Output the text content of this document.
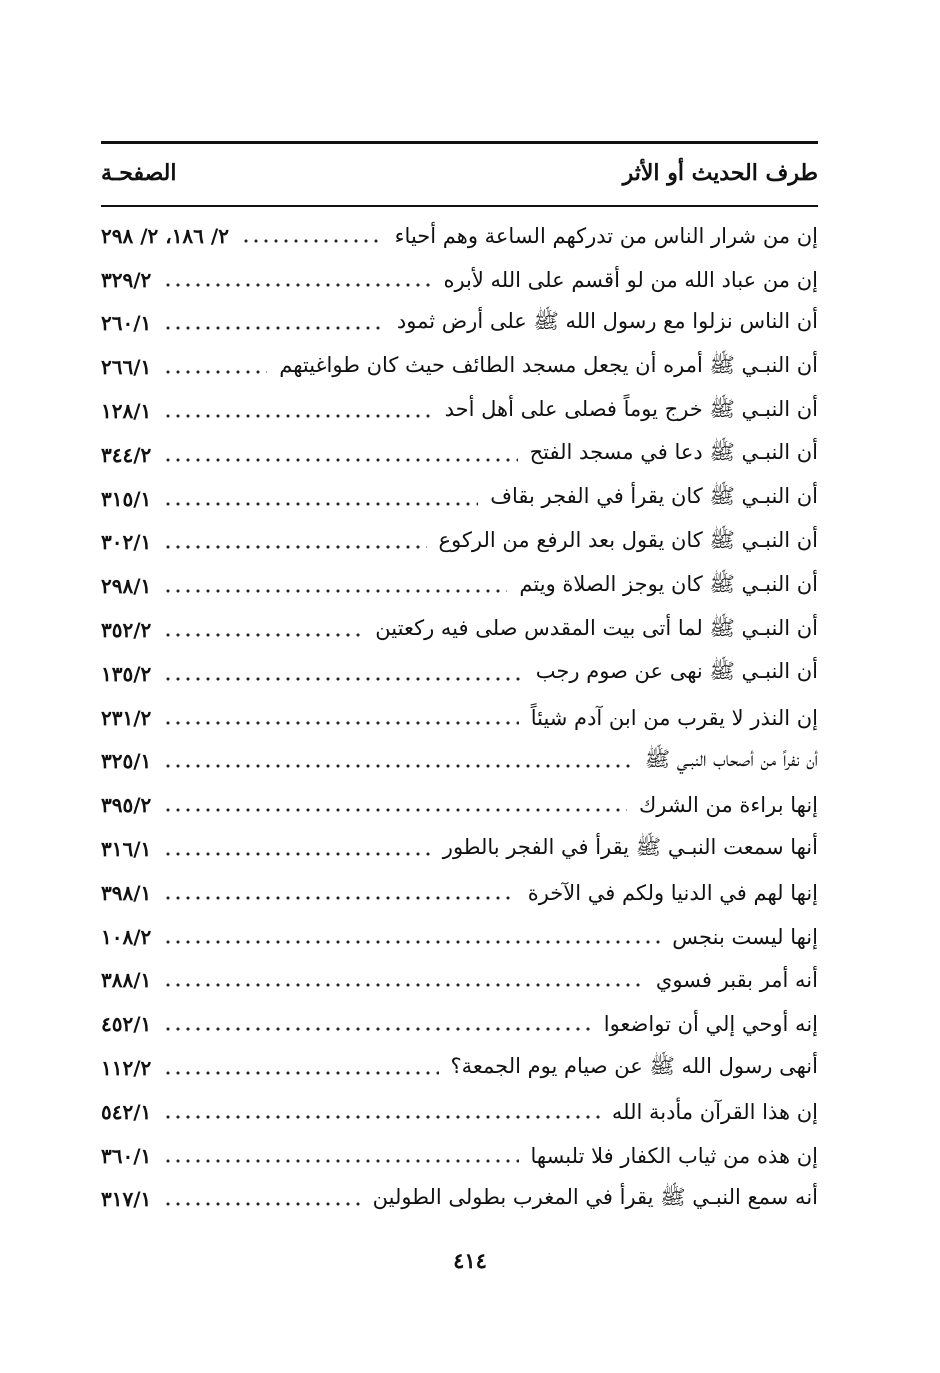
طرف الحديث أو الأثر
الصفحـة
إن من شرار الناس من تدركهم الساعة وهم أحياء
٢/ ١٨٦، ٢/ ٢٩٨
إن من عباد الله من لو أقسم على الله لأبره
٣٢٩/٢
أن الناس نزلوا مع رسول الله ﷺ على أرض ثمود
٢٦٠/١
أن النبـي ﷺ أمره أن يجعل مسجد الطائف حيث كان طواغيتهم
٢٦٦/١
أن النبـي ﷺ خرج يوماً فصلى على أهل أحد
١٢٨/١
أن النبـي ﷺ دعا في مسجد الفتح
٣٤٤/٢
أن النبـي ﷺ كان يقرأ في الفجر بقاف
٣١٥/١
أن النبـي ﷺ كان يقول بعد الرفع من الركوع
٣٠٢/١
أن النبـي ﷺ كان يوجز الصلاة ويتم
٢٩٨/١
أن النبـي ﷺ لما أتى بيت المقدس صلى فيه ركعتين
٣٥٢/٢
أن النبـي ﷺ نهى عن صوم رجب
١٣٥/٢
إن النذر لا يقرب من ابن آدم شيئاً
٢٣١/٢
أن نفراً من أصحاب النبـي ﷺ
٣٢٥/١
إنها براءة من الشرك
٣٩٥/٢
أنها سمعت النبـي ﷺ يقرأ في الفجر بالطور
٣١٦/١
إنها لهم في الدنيا ولكم في الآخرة
٣٩٨/١
إنها ليست بنجس
١٠٨/٢
أنه أمر بقبر فسوي
٣٨٨/١
إنه أوحي إلي أن تواضعوا
٤٥٢/١
أنهى رسول الله ﷺ عن صيام يوم الجمعة؟
١١٢/٢
إن هذا القرآن مأدبة الله
٥٤٢/١
إن هذه من ثياب الكفار فلا تلبسها
٣٦٠/١
أنه سمع النبـي ﷺ يقرأ في المغرب بطولى الطولين
٣١٧/١
٤١٤
